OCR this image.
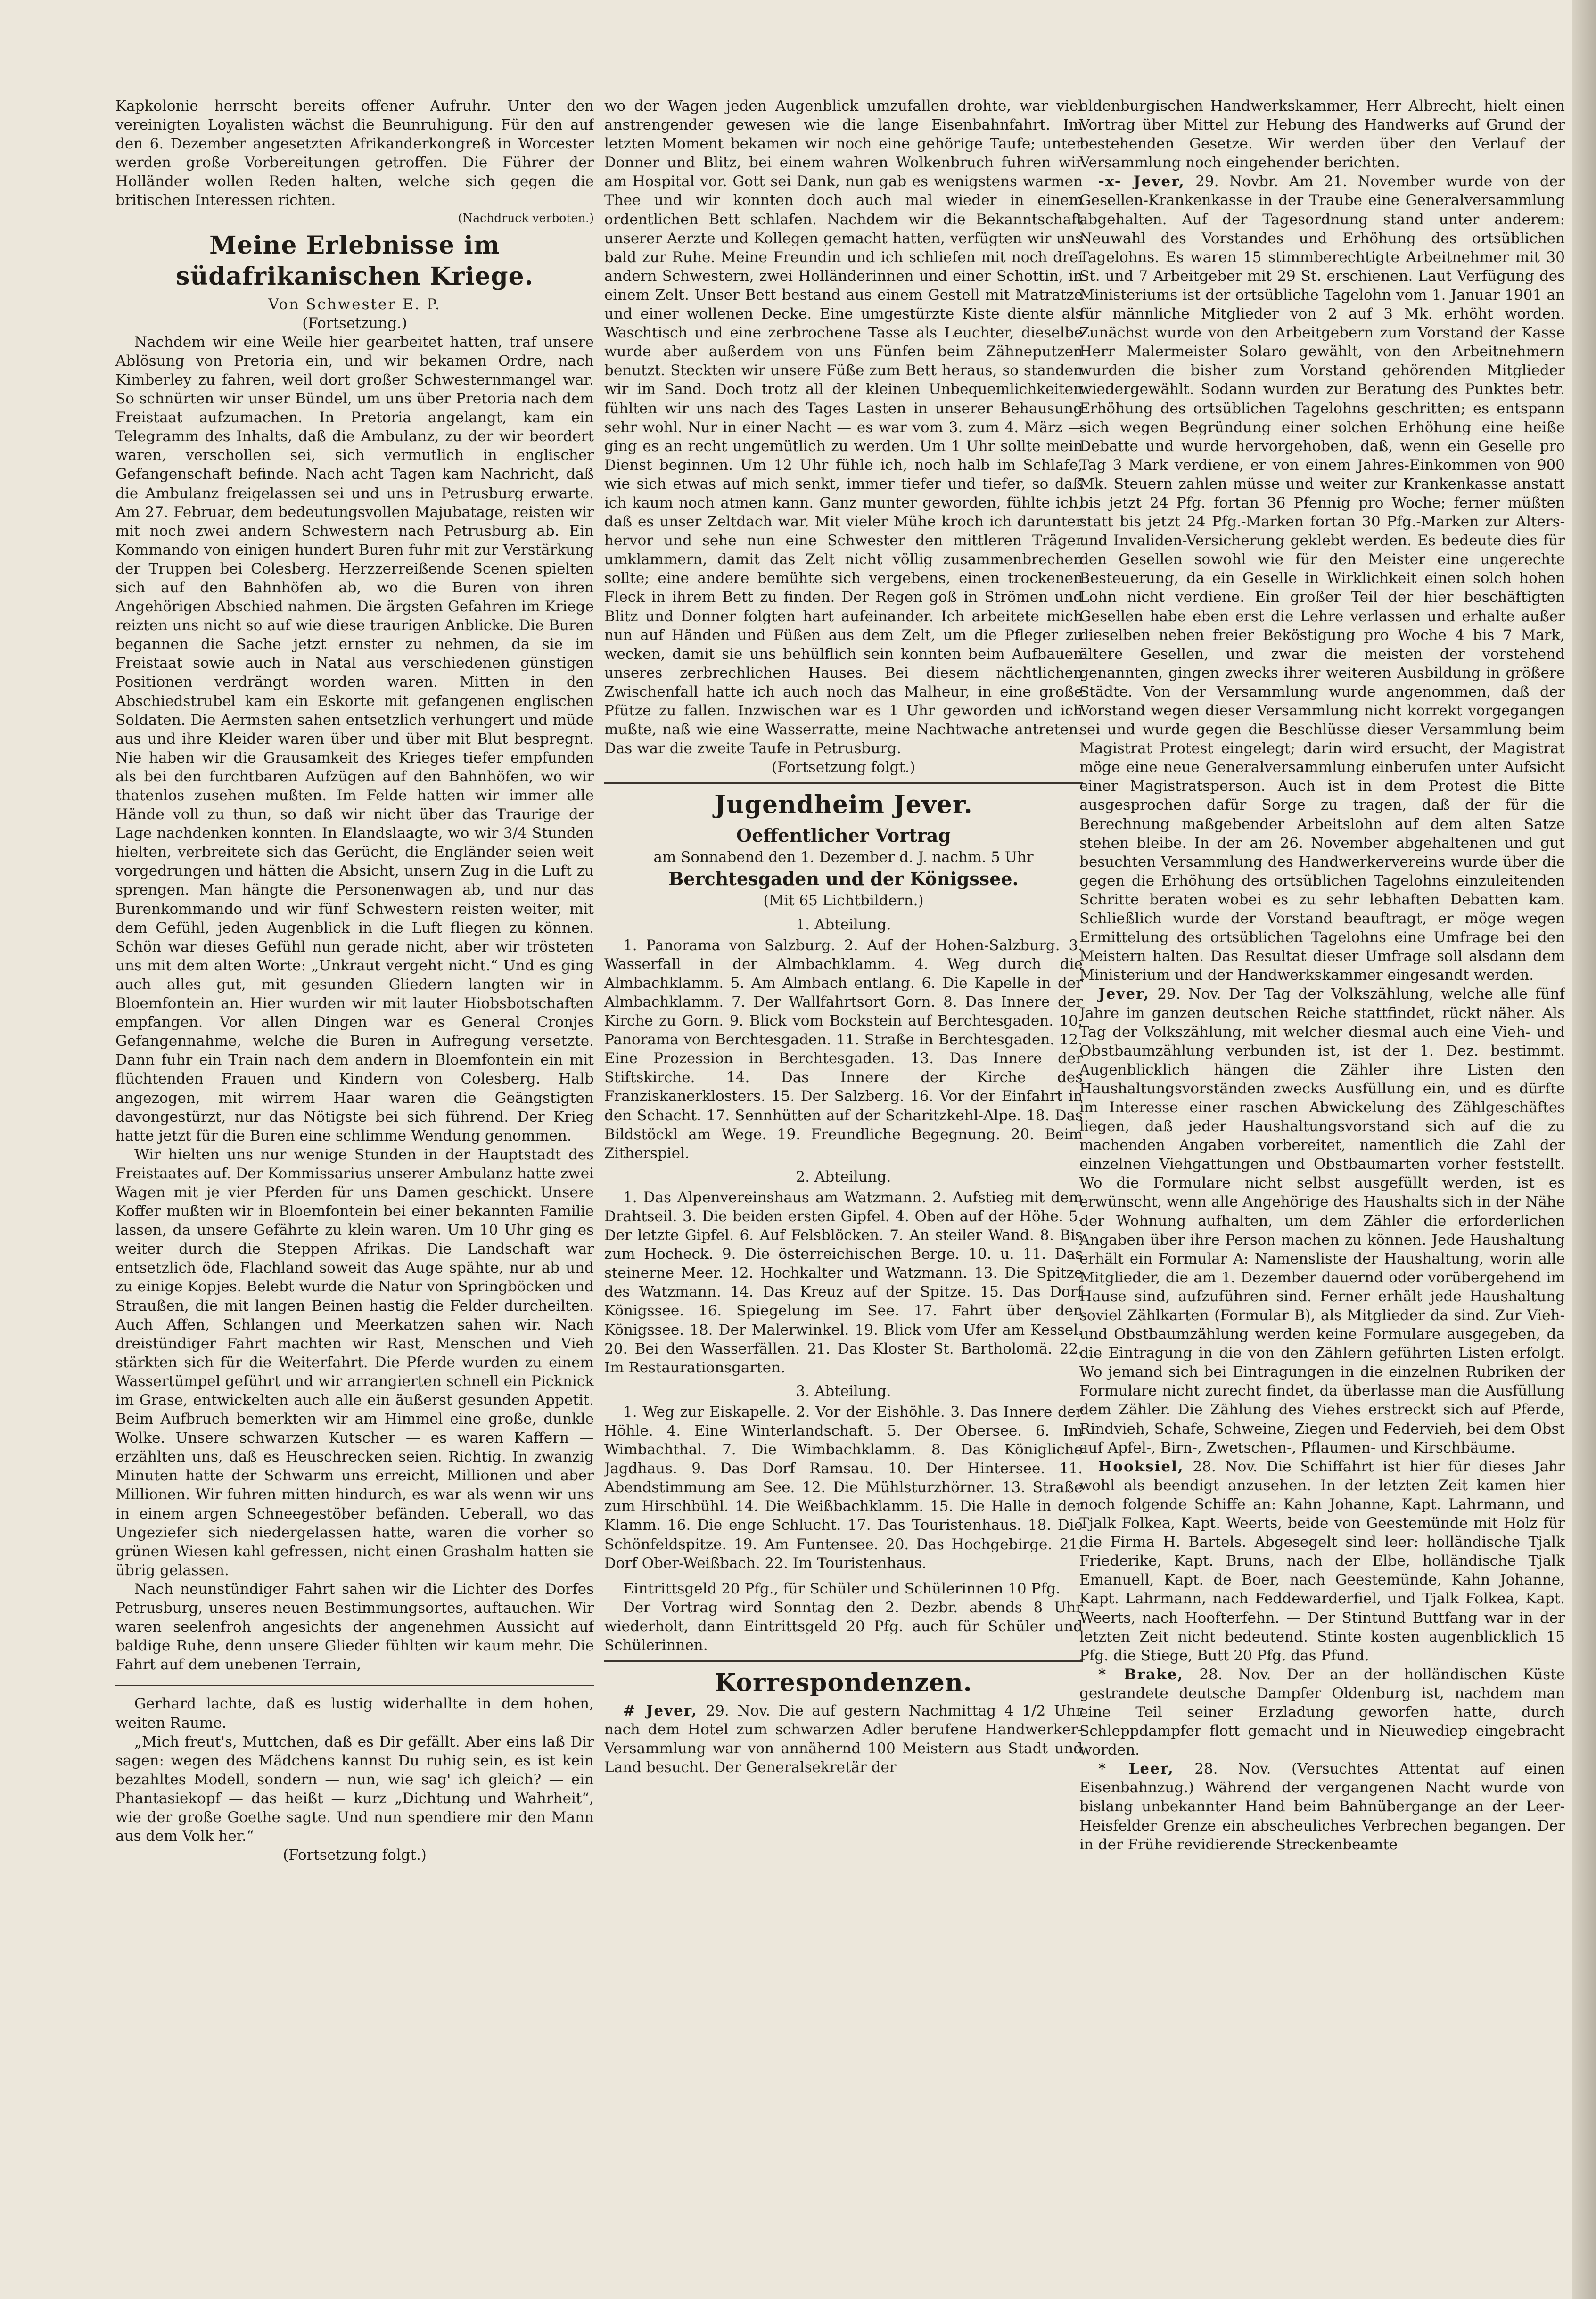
Kapkolonie herrscht bereits offener Aufruhr. Unter den vereinigten Loyalisten wächst die Beunruhigung. Für den auf den 6. Dezember angesetzten Afrikanderkongreß in Worcester werden große Vorbereitungen getroffen. Die Führer der Holländer wollen Reden halten, welche sich gegen die britischen Interessen richten.

(Nachdruck verboten.)
Meine Erlebnisse im südafrikanischen Kriege.
Von Schwester E. P.
(Fortsetzung.)

Nachdem wir eine Weile hier gearbeitet hatten, traf unsere Ablösung von Pretoria ein, und wir bekamen Ordre, nach Kimberley zu fahren, weil dort großer Schwesternmangel war. So schnürten wir unser Bündel, um uns über Pretoria nach dem Freistaat aufzumachen. In Pretoria angelangt, kam ein Telegramm des Inhalts, daß die Ambulanz, zu der wir beordert waren, verschollen sei, sich vermutlich in englischer Gefangenschaft befinde. Nach acht Tagen kam Nachricht, daß die Ambulanz freigelassen sei und uns in Petrusburg erwarte. Am 27. Februar, dem bedeutungsvollen Majubatage, reisten wir mit noch zwei andern Schwestern nach Petrusburg ab. Ein Kommando von einigen hundert Buren fuhr mit zur Verstärkung der Truppen bei Colesberg. Herzzerreißende Scenen spielten sich auf den Bahnhöfen ab, wo die Buren von ihren Angehörigen Abschied nahmen. Die ärgsten Gefahren im Kriege reizten uns nicht so auf wie diese traurigen Anblicke. Die Buren begannen die Sache jetzt ernster zu nehmen, da sie im Freistaat sowie auch in Natal aus verschiedenen günstigen Positionen verdrängt worden waren. Mitten in den Abschiedstrubel kam ein Eskorte mit gefangenen englischen Soldaten. Die Aermsten sahen entsetzlich verhungert und müde aus und ihre Kleider waren über und über mit Blut bespregnt. Nie haben wir die Grausamkeit des Krieges tiefer empfunden als bei den furchtbaren Aufzügen auf den Bahnhöfen, wo wir thatenlos zusehen mußten. Im Felde hatten wir immer alle Hände voll zu thun, so daß wir nicht über das Traurige der Lage nachdenken konnten. In Elandslaagte, wo wir 3/4 Stunden hielten, verbreitete sich das Gerücht, die Engländer seien weit vorgedrungen und hätten die Absicht, unsern Zug in die Luft zu sprengen. Man hängte die Personenwagen ab, und nur das Burenkommando und wir fünf Schwestern reisten weiter, mit dem Gefühl, jeden Augenblick in die Luft fliegen zu können. Schön war dieses Gefühl nun gerade nicht, aber wir trösteten uns mit dem alten Worte: „Unkraut vergeht nicht.“ Und es ging auch alles gut, mit gesunden Gliedern langten wir in Bloemfontein an. Hier wurden wir mit lauter Hiobsbotschaften empfangen. Vor allen Dingen war es General Cronjes Gefangennahme, welche die Buren in Aufregung versetzte. Dann fuhr ein Train nach dem andern in Bloemfontein ein mit flüchtenden Frauen und Kindern von Colesberg. Halb angezogen, mit wirrem Haar waren die Geängstigten davongestürzt, nur das Nötigste bei sich führend. Der Krieg hatte jetzt für die Buren eine schlimme Wendung genommen.

Wir hielten uns nur wenige Stunden in der Hauptstadt des Freistaates auf. Der Kommissarius unserer Ambulanz hatte zwei Wagen mit je vier Pferden für uns Damen geschickt. Unsere Koffer mußten wir in Bloemfontein bei einer bekannten Familie lassen, da unsere Gefährte zu klein waren. Um 10 Uhr ging es weiter durch die Steppen Afrikas. Die Landschaft war entsetzlich öde, Flachland soweit das Auge spähte, nur ab und zu einige Kopjes. Belebt wurde die Natur von Springböcken und Straußen, die mit langen Beinen hastig die Felder durcheilten. Auch Affen, Schlangen und Meerkatzen sahen wir. Nach dreistündiger Fahrt machten wir Rast, Menschen und Vieh stärkten sich für die Weiterfahrt. Die Pferde wurden zu einem Wassertümpel geführt und wir arrangierten schnell ein Picknick im Grase, entwickelten auch alle ein äußerst gesunden Appetit. Beim Aufbruch bemerkten wir am Himmel eine große, dunkle Wolke. Unsere schwarzen Kutscher — es waren Kaffern — erzählten uns, daß es Heuschrecken seien. Richtig. In zwanzig Minuten hatte der Schwarm uns erreicht, Millionen und aber Millionen. Wir fuhren mitten hindurch, es war als wenn wir uns in einem argen Schneegestöber befänden. Ueberall, wo das Ungeziefer sich niedergelassen hatte, waren die vorher so grünen Wiesen kahl gefressen, nicht einen Grashalm hatten sie übrig gelassen.

Nach neunstündiger Fahrt sahen wir die Lichter des Dorfes Petrusburg, unseres neuen Bestimmungsortes, auftauchen. Wir waren seelenfroh angesichts der angenehmen Aussicht auf baldige Ruhe, denn unsere Glieder fühlten wir kaum mehr. Die Fahrt auf dem unebenen Terrain,

Gerhard lachte, daß es lustig widerhallte in dem hohen, weiten Raume.

„Mich freut's, Muttchen, daß es Dir gefällt. Aber eins laß Dir sagen: wegen des Mädchens kannst Du ruhig sein, es ist kein bezahltes Modell, sondern — nun, wie sag' ich gleich? — ein Phantasiekopf — das heißt — kurz „Dichtung und Wahrheit“, wie der große Goethe sagte. Und nun spendiere mir den Mann aus dem Volk her.“

(Fortsetzung folgt.)

wo der Wagen jeden Augenblick umzufallen drohte, war viel anstrengender gewesen wie die lange Eisenbahnfahrt. Im letzten Moment bekamen wir noch eine gehörige Taufe; unter Donner und Blitz, bei einem wahren Wolkenbruch fuhren wir am Hospital vor. Gott sei Dank, nun gab es wenigstens warmen Thee und wir konnten doch auch mal wieder in einem ordentlichen Bett schlafen. Nachdem wir die Bekanntschaft unserer Aerzte und Kollegen gemacht hatten, verfügten wir uns bald zur Ruhe. Meine Freundin und ich schliefen mit noch drei andern Schwestern, zwei Holländerinnen und einer Schottin, in einem Zelt. Unser Bett bestand aus einem Gestell mit Matratze und einer wollenen Decke. Eine umgestürzte Kiste diente als Waschtisch und eine zerbrochene Tasse als Leuchter, dieselbe wurde aber außerdem von uns Fünfen beim Zähneputzen benutzt. Steckten wir unsere Füße zum Bett heraus, so standen wir im Sand. Doch trotz all der kleinen Unbequemlichkeiten fühlten wir uns nach des Tages Lasten in unserer Behausung sehr wohl. Nur in einer Nacht — es war vom 3. zum 4. März — ging es an recht ungemütlich zu werden. Um 1 Uhr sollte mein Dienst beginnen. Um 12 Uhr fühle ich, noch halb im Schlafe, wie sich etwas auf mich senkt, immer tiefer und tiefer, so daß ich kaum noch atmen kann. Ganz munter geworden, fühlte ich, daß es unser Zeltdach war. Mit vieler Mühe kroch ich darunter hervor und sehe nun eine Schwester den mittleren Träger umklammern, damit das Zelt nicht völlig zusammenbrechen sollte; eine andere bemühte sich vergebens, einen trockenen Fleck in ihrem Bett zu finden. Der Regen goß in Strömen und Blitz und Donner folgten hart aufeinander. Ich arbeitete mich nun auf Händen und Füßen aus dem Zelt, um die Pfleger zu wecken, damit sie uns behülflich sein konnten beim Aufbauen unseres zerbrechlichen Hauses. Bei diesem nächtlichen Zwischenfall hatte ich auch noch das Malheur, in eine große Pfütze zu fallen. Inzwischen war es 1 Uhr geworden und ich mußte, naß wie eine Wasserratte, meine Nachtwache antreten. Das war die zweite Taufe in Petrusburg.

(Fortsetzung folgt.)
Jugendheim Jever.
Oeffentlicher Vortrag
am Sonnabend den 1. Dezember d. J. nachm. 5 Uhr
Berchtesgaden und der Königssee.
(Mit 65 Lichtbildern.)
1. Abteilung.

1. Panorama von Salzburg. 2. Auf der Hohen-Salzburg. 3. Wasserfall in der Almbachklamm. 4. Weg durch die Almbachklamm. 5. Am Almbach entlang. 6. Die Kapelle in der Almbachklamm. 7. Der Wallfahrtsort Gorn. 8. Das Innere der Kirche zu Gorn. 9. Blick vom Bockstein auf Berchtesgaden. 10. Panorama von Berchtesgaden. 11. Straße in Berchtesgaden. 12. Eine Prozession in Berchtesgaden. 13. Das Innere der Stiftskirche. 14. Das Innere der Kirche des Franziskanerklosters. 15. Der Salzberg. 16. Vor der Einfahrt in den Schacht. 17. Sennhütten auf der Scharitzkehl-Alpe. 18. Das Bildstöckl am Wege. 19. Freundliche Begegnung. 20. Beim Zitherspiel.

2. Abteilung.

1. Das Alpenvereinshaus am Watzmann. 2. Aufstieg mit dem Drahtseil. 3. Die beiden ersten Gipfel. 4. Oben auf der Höhe. 5. Der letzte Gipfel. 6. Auf Felsblöcken. 7. An steiler Wand. 8. Bis zum Hocheck. 9. Die österreichischen Berge. 10. u. 11. Das steinerne Meer. 12. Hochkalter und Watzmann. 13. Die Spitze des Watzmann. 14. Das Kreuz auf der Spitze. 15. Das Dorf Königssee. 16. Spiegelung im See. 17. Fahrt über den Königssee. 18. Der Malerwinkel. 19. Blick vom Ufer am Kessel. 20. Bei den Wasserfällen. 21. Das Kloster St. Bartholomä. 22. Im Restaurationsgarten.

3. Abteilung.

1. Weg zur Eiskapelle. 2. Vor der Eishöhle. 3. Das Innere der Höhle. 4. Eine Winterlandschaft. 5. Der Obersee. 6. Im Wimbachthal. 7. Die Wimbachklamm. 8. Das Königliche Jagdhaus. 9. Das Dorf Ramsau. 10. Der Hintersee. 11. Abendstimmung am See. 12. Die Mühlsturzhörner. 13. Straße zum Hirschbühl. 14. Die Weißbachklamm. 15. Die Halle in der Klamm. 16. Die enge Schlucht. 17. Das Touristenhaus. 18. Die Schönfeldspitze. 19. Am Funtensee. 20. Das Hochgebirge. 21. Dorf Ober-Weißbach. 22. Im Touristenhaus.

Eintrittsgeld 20 Pfg., für Schüler und Schülerinnen 10 Pfg.

Der Vortrag wird Sonntag den 2. Dezbr. abends 8 Uhr wiederholt, dann Eintrittsgeld 20 Pfg. auch für Schüler und Schülerinnen.

Korrespondenzen.

# Jever, 29. Nov. Die auf gestern Nachmittag 4 1/2 Uhr nach dem Hotel zum schwarzen Adler berufene Handwerker-Versammlung war von annähernd 100 Meistern aus Stadt und Land besucht. Der Generalsekretär der

oldenburgischen Handwerkskammer, Herr Albrecht, hielt einen Vortrag über Mittel zur Hebung des Handwerks auf Grund der bestehenden Gesetze. Wir werden über den Verlauf der Versammlung noch eingehender berichten.

-x- Jever, 29. Novbr. Am 21. November wurde von der Gesellen-Krankenkasse in der Traube eine Generalversammlung abgehalten. Auf der Tagesordnung stand unter anderem: Neuwahl des Vorstandes und Erhöhung des ortsüblichen Tagelohns. Es waren 15 stimmberechtigte Arbeitnehmer mit 30 St. und 7 Arbeitgeber mit 29 St. erschienen. Laut Verfügung des Ministeriums ist der ortsübliche Tagelohn vom 1. Januar 1901 an für männliche Mitglieder von 2 auf 3 Mk. erhöht worden. Zunächst wurde von den Arbeitgebern zum Vorstand der Kasse Herr Malermeister Solaro gewählt, von den Arbeitnehmern wurden die bisher zum Vorstand gehörenden Mitglieder wiedergewählt. Sodann wurden zur Beratung des Punktes betr. Erhöhung des ortsüblichen Tagelohns geschritten; es entspann sich wegen Begründung einer solchen Erhöhung eine heiße Debatte und wurde hervorgehoben, daß, wenn ein Geselle pro Tag 3 Mark verdiene, er von einem Jahres-Einkommen von 900 Mk. Steuern zahlen müsse und weiter zur Krankenkasse anstatt bis jetzt 24 Pfg. fortan 36 Pfennig pro Woche; ferner müßten statt bis jetzt 24 Pfg.-Marken fortan 30 Pfg.-Marken zur Alters- und Invaliden-Versicherung geklebt werden. Es bedeute dies für den Gesellen sowohl wie für den Meister eine ungerechte Besteuerung, da ein Geselle in Wirklichkeit einen solch hohen Lohn nicht verdiene. Ein großer Teil der hier beschäftigten Gesellen habe eben erst die Lehre verlassen und erhalte außer dieselben neben freier Beköstigung pro Woche 4 bis 7 Mark, ältere Gesellen, und zwar die meisten der vorstehend genannten, gingen zwecks ihrer weiteren Ausbildung in größere Städte. Von der Versammlung wurde angenommen, daß der Vorstand wegen dieser Versammlung nicht korrekt vorgegangen sei und wurde gegen die Beschlüsse dieser Versammlung beim Magistrat Protest eingelegt; darin wird ersucht, der Magistrat möge eine neue Generalversammlung einberufen unter Aufsicht einer Magistratsperson. Auch ist in dem Protest die Bitte ausgesprochen dafür Sorge zu tragen, daß der für die Berechnung maßgebender Arbeitslohn auf dem alten Satze stehen bleibe. In der am 26. November abgehaltenen und gut besuchten Versammlung des Handwerkervereins wurde über die gegen die Erhöhung des ortsüblichen Tagelohns einzuleitenden Schritte beraten wobei es zu sehr lebhaften Debatten kam. Schließlich wurde der Vorstand beauftragt, er möge wegen Ermittelung des ortsüblichen Tagelohns eine Umfrage bei den Meistern halten. Das Resultat dieser Umfrage soll alsdann dem Ministerium und der Handwerkskammer eingesandt werden.

Jever, 29. Nov. Der Tag der Volkszählung, welche alle fünf Jahre im ganzen deutschen Reiche stattfindet, rückt näher. Als Tag der Volkszählung, mit welcher diesmal auch eine Vieh- und Obstbaumzählung verbunden ist, ist der 1. Dez. bestimmt. Augenblicklich hängen die Zähler ihre Listen den Haushaltungsvorständen zwecks Ausfüllung ein, und es dürfte im Interesse einer raschen Abwickelung des Zählgeschäftes liegen, daß jeder Haushaltungsvorstand sich auf die zu machenden Angaben vorbereitet, namentlich die Zahl der einzelnen Viehgattungen und Obstbaumarten vorher feststellt. Wo die Formulare nicht selbst ausgefüllt werden, ist es erwünscht, wenn alle Angehörige des Haushalts sich in der Nähe der Wohnung aufhalten, um dem Zähler die erforderlichen Angaben über ihre Person machen zu können. Jede Haushaltung erhält ein Formular A: Namensliste der Haushaltung, worin alle Mitglieder, die am 1. Dezember dauernd oder vorübergehend im Hause sind, aufzuführen sind. Ferner erhält jede Haushaltung soviel Zählkarten (Formular B), als Mitglieder da sind. Zur Vieh- und Obstbaumzählung werden keine Formulare ausgegeben, da die Eintragung in die von den Zählern geführten Listen erfolgt. Wo jemand sich bei Eintragungen in die einzelnen Rubriken der Formulare nicht zurecht findet, da überlasse man die Ausfüllung dem Zähler. Die Zählung des Viehes erstreckt sich auf Pferde, Rindvieh, Schafe, Schweine, Ziegen und Federvieh, bei dem Obst auf Apfel-, Birn-, Zwetschen-, Pflaumen- und Kirschbäume.

Hooksiel, 28. Nov. Die Schiffahrt ist hier für dieses Jahr wohl als beendigt anzusehen. In der letzten Zeit kamen hier noch folgende Schiffe an: Kahn Johanne, Kapt. Lahrmann, und Tjalk Folkea, Kapt. Weerts, beide von Geestemünde mit Holz für die Firma H. Bartels. Abgesegelt sind leer: holländische Tjalk Friederike, Kapt. Bruns, nach der Elbe, holländische Tjalk Emanuell, Kapt. de Boer, nach Geestemünde, Kahn Johanne, Kapt. Lahrmann, nach Feddewarderfiel, und Tjalk Folkea, Kapt. Weerts, nach Hoofterfehn. — Der Stintund Buttfang war in der letzten Zeit nicht bedeutend. Stinte kosten augenblicklich 15 Pfg. die Stiege, Butt 20 Pfg. das Pfund.

* Brake, 28. Nov. Der an der holländischen Küste gestrandete deutsche Dampfer Oldenburg ist, nachdem man eine Teil seiner Erzladung geworfen hatte, durch Schleppdampfer flott gemacht und in Nieuwediep eingebracht worden.

* Leer, 28. Nov. (Versuchtes Attentat auf einen Eisenbahnzug.) Während der vergangenen Nacht wurde von bislang unbekannter Hand beim Bahnübergange an der Leer-Heisfelder Grenze ein abscheuliches Verbrechen begangen. Der in der Frühe revidierende Streckenbeamte
